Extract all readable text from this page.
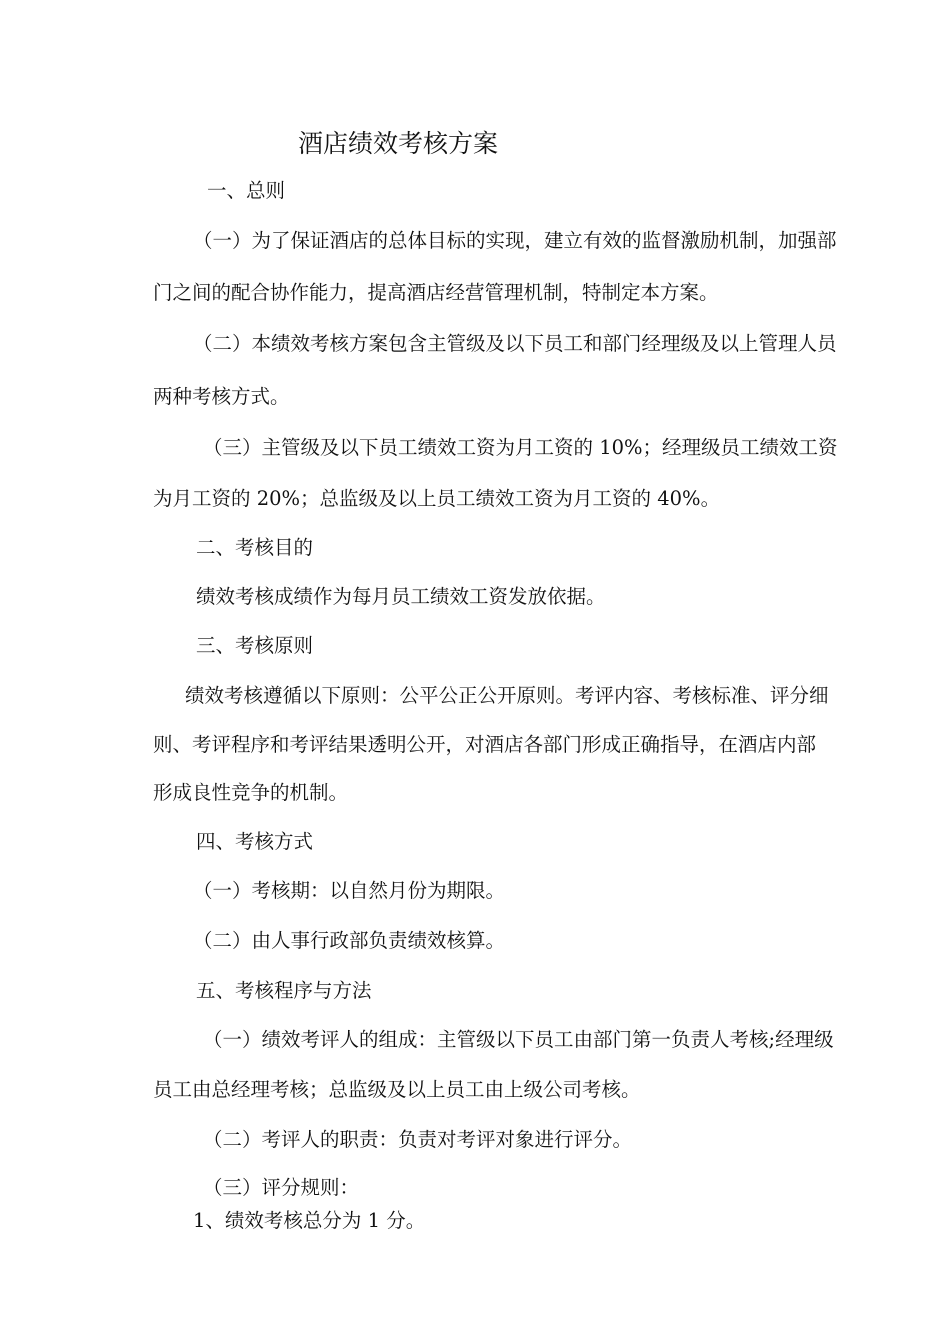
酒店绩效考核方案
一、总则
（一）为了保证酒店的总体目标的实现，建立有效的监督激励机制，加强部
门之间的配合协作能力，提高酒店经营管理机制，特制定本方案。
（二）本绩效考核方案包含主管级及以下员工和部门经理级及以上管理人员
两种考核方式。
（三）主管级及以下员工绩效工资为月工资的 10%；经理级员工绩效工资
为月工资的 20%；总监级及以上员工绩效工资为月工资的 40%。
二、考核目的
绩效考核成绩作为每月员工绩效工资发放依据。
三、考核原则
绩效考核遵循以下原则：公平公正公开原则。考评内容、考核标准、评分细
则、考评程序和考评结果透明公开，对酒店各部门形成正确指导，在酒店内部
形成良性竞争的机制。
四、考核方式
（一）考核期：以自然月份为期限。
（二）由人事行政部负责绩效核算。
五、考核程序与方法
（一）绩效考评人的组成：主管级以下员工由部门第一负责人考核;经理级
员工由总经理考核；总监级及以上员工由上级公司考核。
（二）考评人的职责：负责对考评对象进行评分。
（三）评分规则：
1、绩效考核总分为 1 分。
